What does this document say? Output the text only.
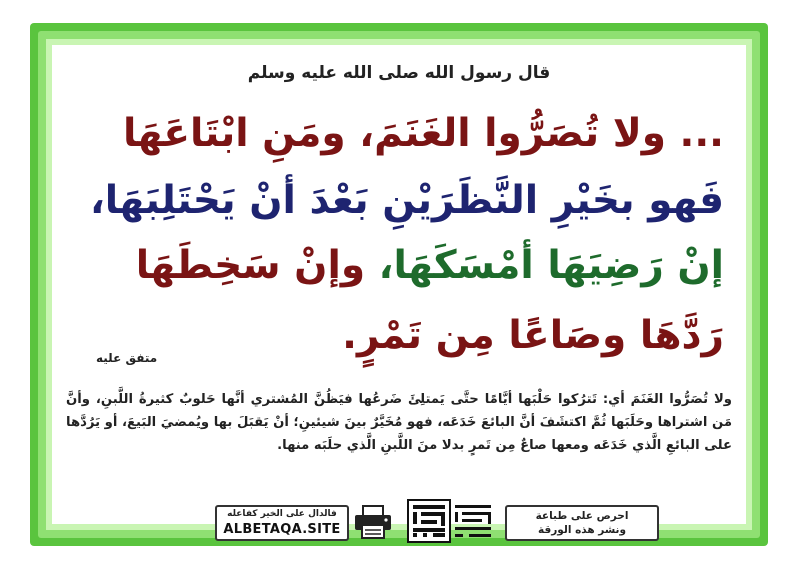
قال رسول الله صلى الله عليه وسلم
... ولا تُصَرُّوا الغَنَمَ، ومَنِ ابْتَاعَهَا
فَهو بخَيْرِ النَّظَرَيْنِ بَعْدَ أنْ يَحْتَلِبَهَا،
إنْ رَضِيَهَا أمْسَكَهَا، وإنْ سَخِطَهَا
رَدَّهَا وصَاعًا مِن تَمْرٍ.
متفق عليه
ولا تُصَرُّوا الغَنَمَ أي: تَترُكوا حَلْبَها أيَّامًا حتَّى يَمتلِئَ ضَرعُها فيَظُنَّ المُشتري أنَّها حَلوبٌ كثيرةُ اللَّبنِ، وأنَّ مَن اشتراها وحَلَبَها ثُمَّ اكتشَفَ أنَّ البائعَ خَدَعَه، فهو مُخَيَّرٌ بينَ شيئينِ؛ أنْ يَقبَلَ بها ويُمضيَ البَيعَ، أو يَرُدَّها على البائعِ الَّذي خَدَعَه ومعها صاعٌ مِن تَمرٍ بدلا منَ اللَّبنِ الَّذي حلَبَه منها.
فالدال على الخير كفاعله
ALBETAQA.SITE
احرص على طباعة
ونشر هذه الورقة
